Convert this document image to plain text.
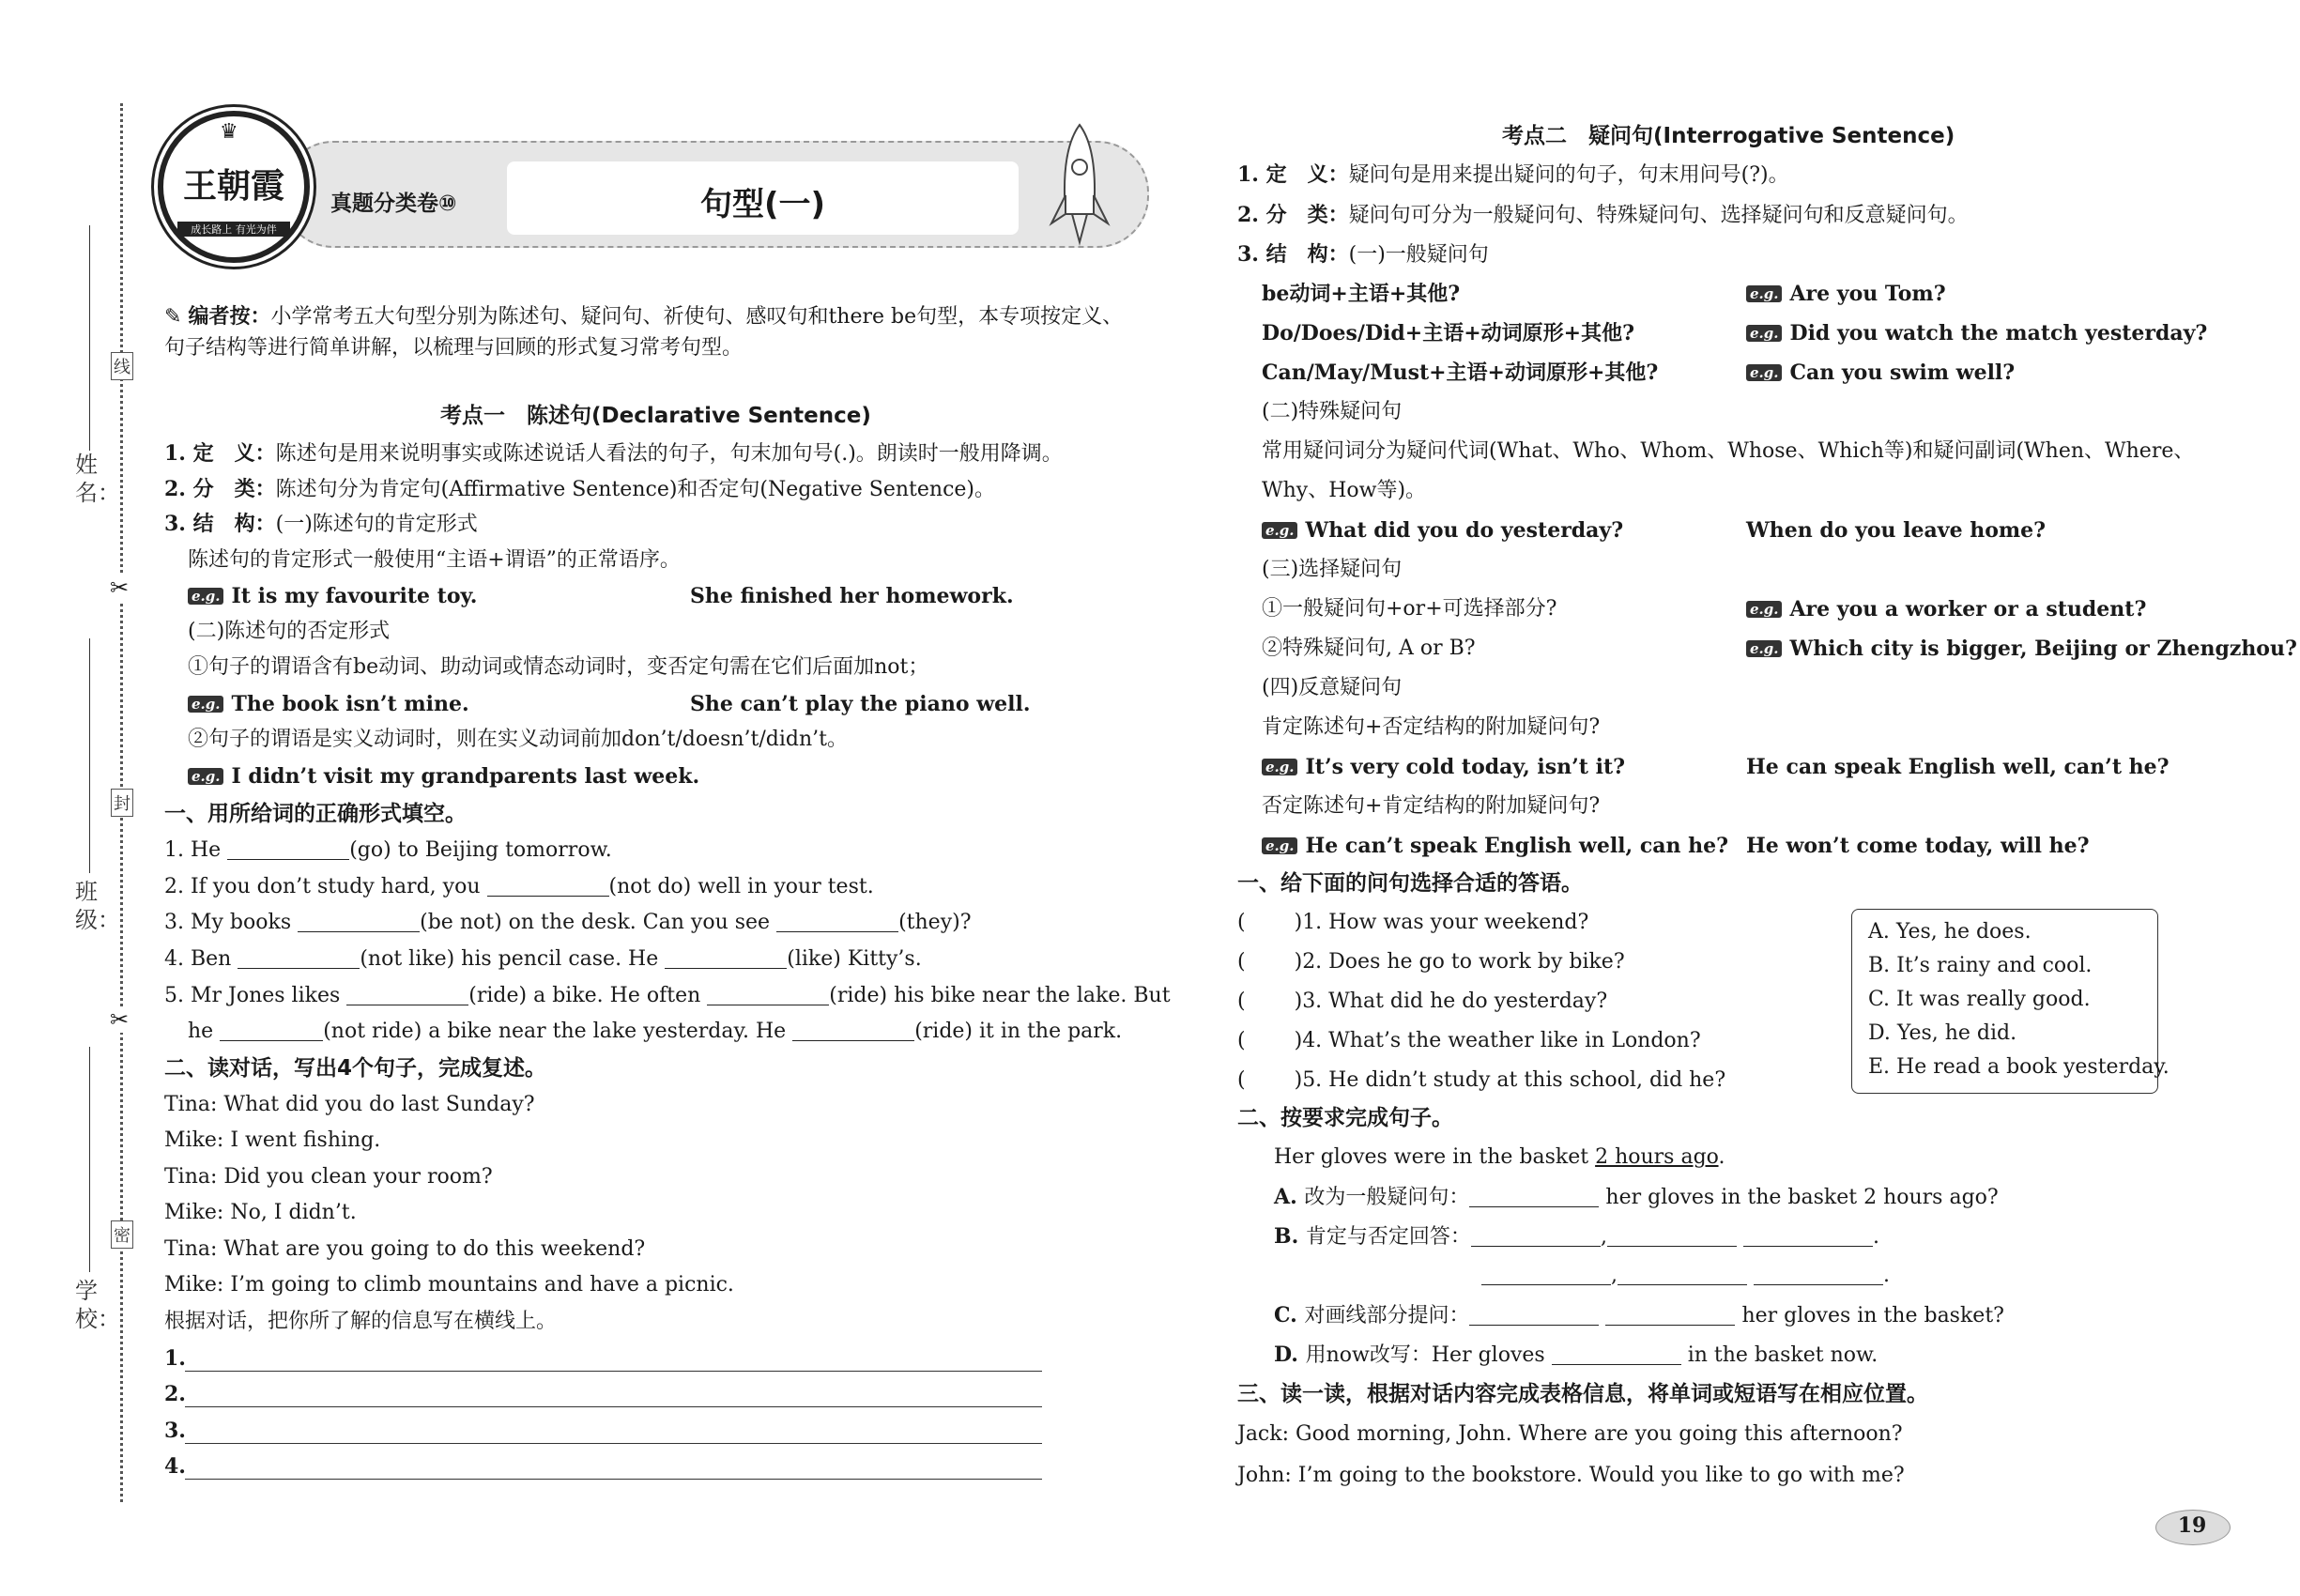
姓　名：
班　级：
学　校：
线
封
密
✂
✂
♛
王朝霞
成长路上 有光为伴
真题分类卷⑩	句型(一)
✎ 编者按：小学常考五大句型分别为陈述句、疑问句、祈使句、感叹句和there be句型，本专项按定义、
句子结构等进行简单讲解，以梳理与回顾的形式复习常考句型。
考点一　陈述句(Declarative Sentence)
1. 定　义：陈述句是用来说明事实或陈述说话人看法的句子，句末加句号(.)。朗读时一般用降调。
2. 分　类：陈述句分为肯定句(Affirmative Sentence)和否定句(Negative Sentence)。
3. 结　构：(一)陈述句的肯定形式
陈述句的肯定形式一般使用“主语+谓语”的正常语序。
e.g. It is my favourite toy.	She finished her homework.
(二)陈述句的否定形式
①句子的谓语含有be动词、助动词或情态动词时，变否定句需在它们后面加not；
e.g. The book isn’t mine.	She can’t play the piano well.
②句子的谓语是实义动词时，则在实义动词前加don’t/doesn’t/didn’t。
e.g. I didn’t visit my grandparents last week.
一、用所给词的正确形式填空。
1. He	(go) to Beijing tomorrow.
2. If you don’t study hard, you	(not do) well in your test.
3. My books	(be not) on the desk. Can you see	(they)?
4. Ben	(not like) his pencil case. He	(like) Kitty’s.
5. Mr Jones likes	(ride) a bike. He often	(ride) his bike near the lake. But
he	(not ride) a bike near the lake yesterday. He	(ride) it in the park.
二、读对话，写出4个句子，完成复述。
Tina: What did you do last Sunday?
Mike: I went fishing.
Tina: Did you clean your room?
Mike: No, I didn’t.
Tina: What are you going to do this weekend?
Mike: I’m going to climb mountains and have a picnic.
根据对话，把你所了解的信息写在横线上。
1.
2.
3.
4.
考点二　疑问句(Interrogative Sentence)
1. 定　义：疑问句是用来提出疑问的句子，句末用问号(?)。
2. 分　类：疑问句可分为一般疑问句、特殊疑问句、选择疑问句和反意疑问句。
3. 结　构：(一)一般疑问句
be动词+主语+其他?	e.g. Are you Tom?
Do/Does/Did+主语+动词原形+其他?	e.g. Did you watch the match yesterday?
Can/May/Must+主语+动词原形+其他?	e.g. Can you swim well?
(二)特殊疑问句
常用疑问词分为疑问代词(What、Who、Whom、Whose、Which等)和疑问副词(When、Where、
Why、How等)。
e.g. What did you do yesterday?	When do you leave home?
(三)选择疑问句
①一般疑问句+or+可选择部分?	e.g. Are you a worker or a student?
②特殊疑问句, A or B?	e.g. Which city is bigger, Beijing or Zhengzhou?
(四)反意疑问句
肯定陈述句+否定结构的附加疑问句?
e.g. It’s very cold today, isn’t it?	He can speak English well, can’t he?
否定陈述句+肯定结构的附加疑问句?
e.g. He can’t speak English well, can he? He won’t come today, will he?
一、给下面的问句选择合适的答语。
( )1. How was your weekend?
( )2. Does he go to work by bike?
( )3. What did he do yesterday?
( )4. What’s the weather like in London?
( )5. He didn’t study at this school, did he?
A. Yes, he does.
B. It’s rainy and cool.
C. It was really good.
D. Yes, he did.
E. He read a book yesterday.
二、按要求完成句子。
Her gloves were in the basket 2 hours ago.
A. 改为一般疑问句：	her gloves in the basket 2 hours ago?
B. 肯定与否定回答：	,	.
,	.
C. 对画线部分提问：	her gloves in the basket?
D. 用now改写：Her gloves	in the basket now.
三、读一读，根据对话内容完成表格信息，将单词或短语写在相应位置。
Jack: Good morning, John. Where are you going this afternoon?
John: I’m going to the bookstore. Would you like to go with me?
19
